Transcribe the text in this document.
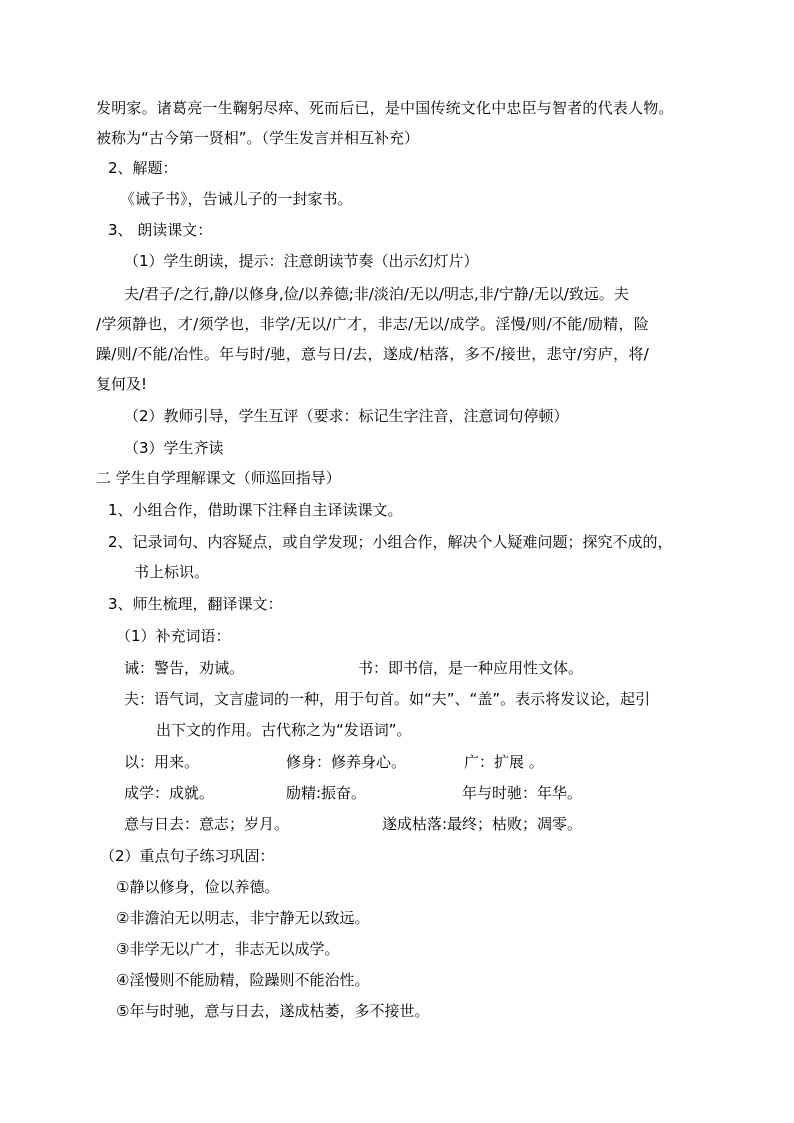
发明家。诸葛亮一生鞠躬尽瘁、死而后已，是中国传统文化中忠臣与智者的代表人物。
被称为“古今第一贤相”。（学生发言并相互补充）
2、解题：
《诫子书》，告诫儿子的一封家书。
3、 朗读课文：
（1）学生朗读，提示：注意朗读节奏（出示幻灯片）
夫/君子/之行,静/以修身,俭/以养德;非/淡泊/无以/明志,非/宁静/无以/致远。夫
/学须静也，才/须学也，非学/无以/广才，非志/无以/成学。淫慢/则/不能/励精，险
躁/则/不能/冶性。年与时/驰，意与日/去，遂成/枯落，多不/接世，悲守/穷庐，将/
复何及!
（2）教师引导，学生互评（要求：标记生字注音，注意词句停顿）
（3）学生齐读
二 学生自学理解课文（师巡回指导）
1、小组合作，借助课下注释自主译读课文。
2、记录词句、内容疑点，或自学发现；小组合作，解决个人疑难问题；探究不成的，
书上标识。
3、师生梳理，翻译课文：
（1）补充词语：
诫：警告，劝诫。	书：即书信，是一种应用性文体。
夫：语气词，文言虚词的一种，用于句首。如“夫”、“盖”。表示将发议论，起引
出下文的作用。古代称之为“发语词”。
以：用来。	修身：修养身心。	广：扩展 。
成学：成就。	励精:振奋。	年与时驰：年华。
意与日去：意志；岁月。	遂成枯落:最终；枯败；凋零。
（2）重点句子练习巩固：
①静以修身，俭以养德。
②非澹泊无以明志，非宁静无以致远。
③非学无以广才，非志无以成学。
④淫慢则不能励精，险躁则不能治性。
⑤年与时驰，意与日去，遂成枯萎，多不接世。
